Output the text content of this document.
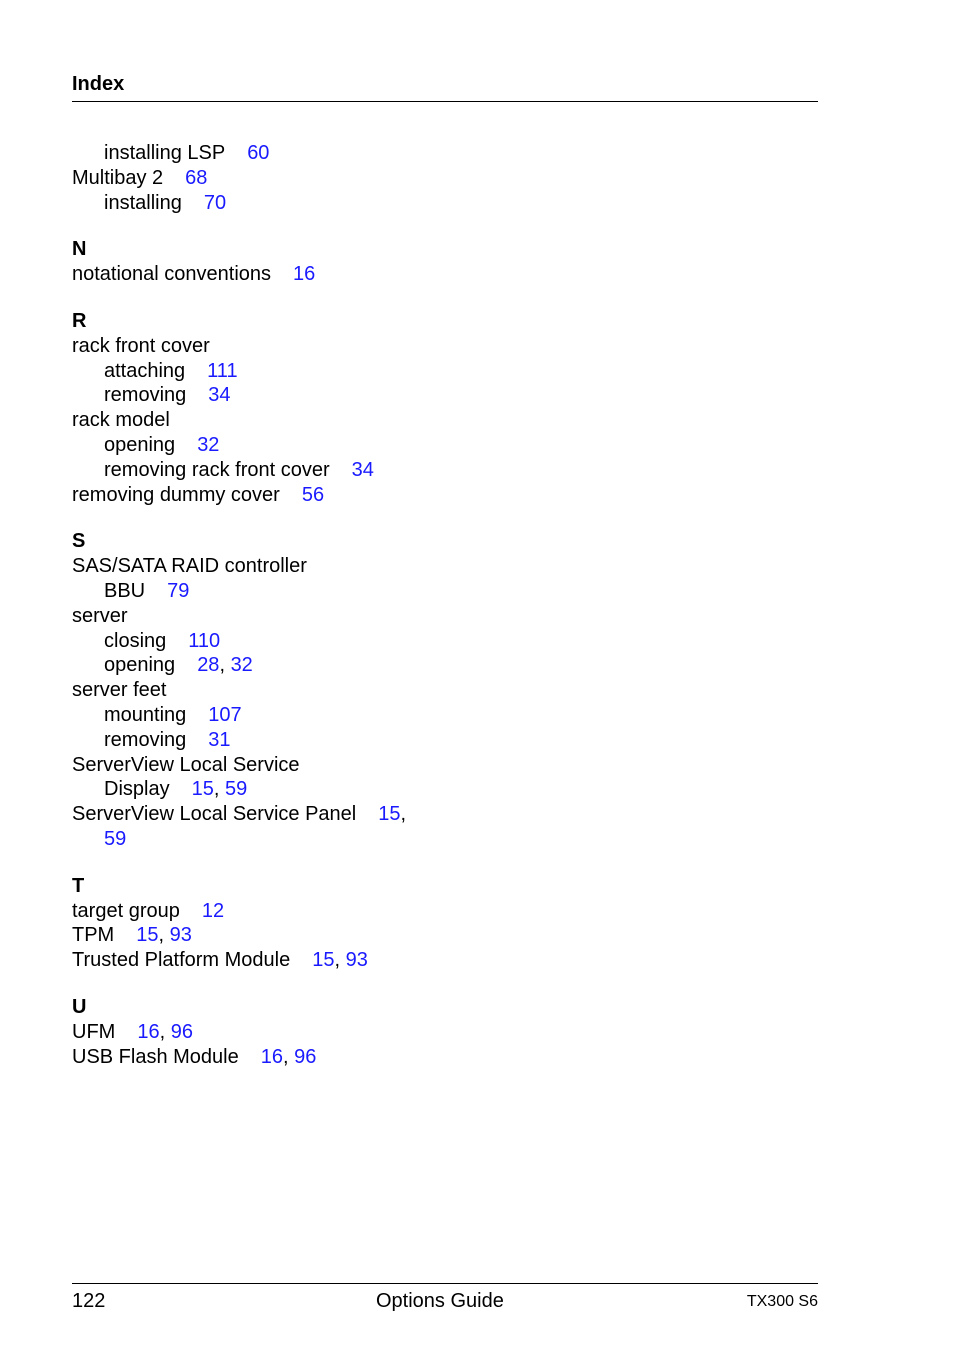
Index
installing LSP 60
Multibay 2 68
installing 70
N
notational conventions 16
R
rack front cover
attaching 111
removing 34
rack model
opening 32
removing rack front cover 34
removing dummy cover 56
S
SAS/SATA RAID controller
BBU 79
server
closing 110
opening 28, 32
server feet
mounting 107
removing 31
ServerView Local Service
Display 15, 59
ServerView Local Service Panel 15,
59
T
target group 12
TPM 15, 93
Trusted Platform Module 15, 93
U
UFM 16, 96
USB Flash Module 16, 96
122	Options Guide	TX300 S6
